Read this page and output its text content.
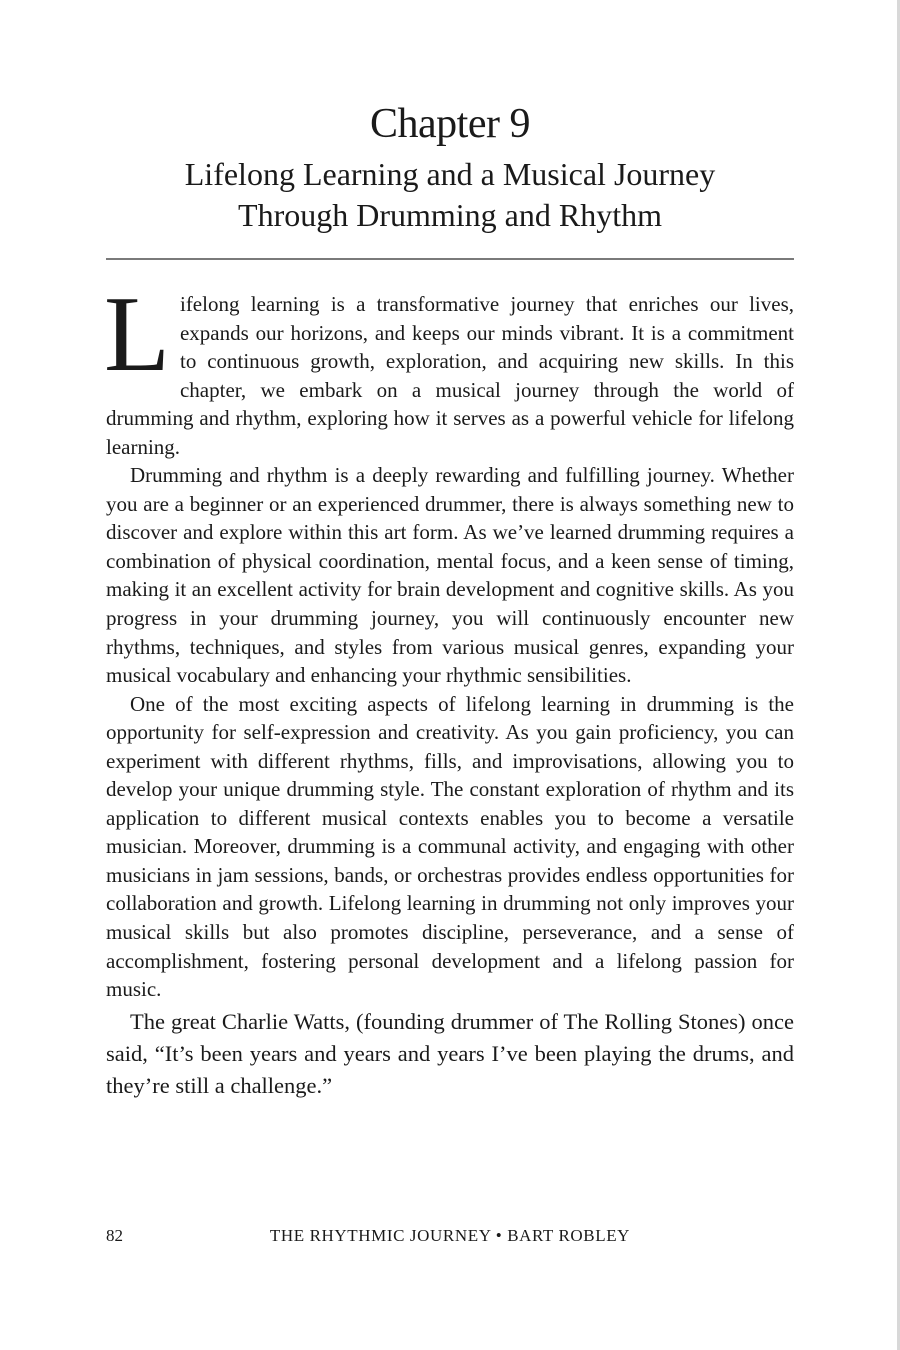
Chapter 9
Lifelong Learning and a Musical Journey
Through Drumming and Rhythm

Lifelong learning is a transformative journey that enriches our lives, expands our horizons, and keeps our minds vibrant. It is a commitment to continuous growth, exploration, and acquiring new skills. In this chapter, we embark on a musical journey through the world of drumming and rhythm, exploring how it serves as a powerful vehicle for lifelong learning.

Drumming and rhythm is a deeply rewarding and fulfilling journey. Whether you are a beginner or an experienced drummer, there is always something new to discover and explore within this art form. As we’ve learned drumming requires a combination of physical coordination, mental focus, and a keen sense of timing, making it an excellent activity for brain development and cognitive skills. As you progress in your drumming journey, you will continuously encounter new rhythms, techniques, and styles from various musical genres, expanding your musical vocabulary and enhancing your rhythmic sensibilities.

One of the most exciting aspects of lifelong learning in drumming is the opportunity for self-expression and creativity. As you gain proficiency, you can experiment with different rhythms, fills, and improvisations, allowing you to develop your unique drumming style. The constant exploration of rhythm and its application to different musical contexts enables you to become a versatile musician. Moreover, drumming is a communal activity, and engaging with other musicians in jam sessions, bands, or orchestras provides endless opportunities for collaboration and growth. Lifelong learning in drumming not only improves your musical skills but also promotes discipline, perseverance, and a sense of accomplishment, fostering personal development and a lifelong passion for music.

The great Charlie Watts, (founding drummer of The Rolling Stones) once said, “It’s been years and years and years I’ve been playing the drums, and they’re still a challenge.”

82	THE RHYTHMIC JOURNEY • BART ROBLEY
